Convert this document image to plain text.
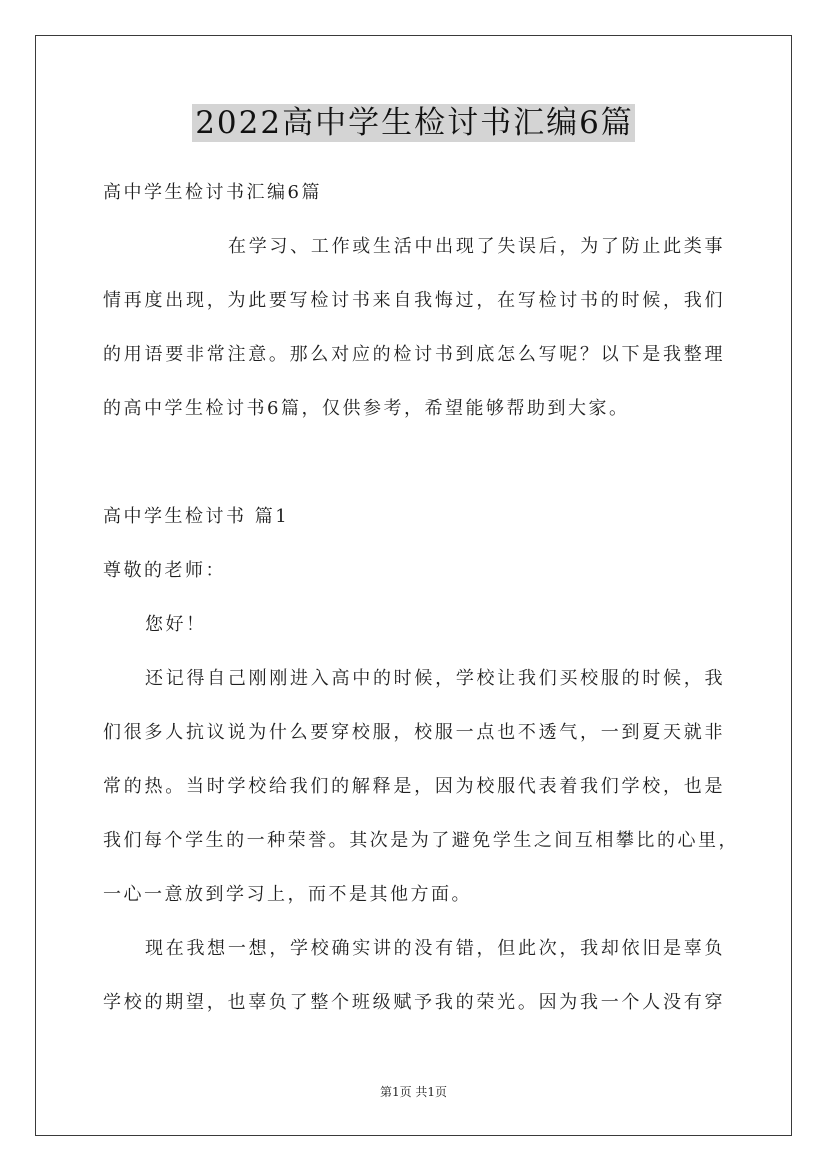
2022高中学生检讨书汇编6篇
高中学生检讨书汇编6篇
在学习、工作或生活中出现了失误后，为了防止此类事
情再度出现，为此要写检讨书来自我悔过，在写检讨书的时候，我们
的用语要非常注意。那么对应的检讨书到底怎么写呢？以下是我整理
的高中学生检讨书6篇，仅供参考，希望能够帮助到大家。
高中学生检讨书 篇1
尊敬的老师：
您好！
还记得自己刚刚进入高中的时候，学校让我们买校服的时候，我
们很多人抗议说为什么要穿校服，校服一点也不透气，一到夏天就非
常的热。当时学校给我们的解释是，因为校服代表着我们学校，也是
我们每个学生的一种荣誉。其次是为了避免学生之间互相攀比的心里，
一心一意放到学习上，而不是其他方面。
现在我想一想，学校确实讲的没有错，但此次，我却依旧是辜负
学校的期望，也辜负了整个班级赋予我的荣光。因为我一个人没有穿
第1页 共1页
